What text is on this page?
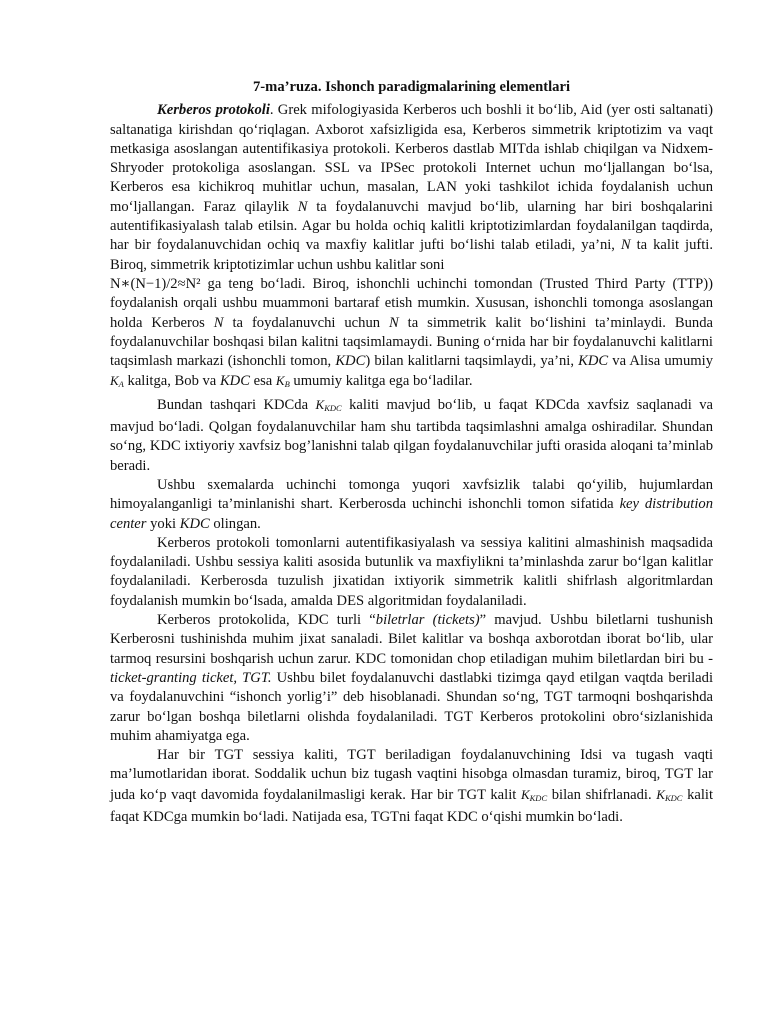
7-ma’ruza. Ishonch paradigmalarining elementlari

Kerberos protokoli. Grek mifologiyasida Kerberos uch boshli it bo‘lib, Aid (yer osti saltanati) saltanatiga kirishdan qo‘riqlagan. Axborot xafsizligida esa, Kerberos simmetrik kriptotizim va vaqt metkasiga asoslangan autentifikasiya protokoli. Kerberos dastlab MITda ishlab chiqilgan va Nidxem-Shryoder protokoliga asoslangan. SSL va IPSec protokoli Internet uchun mo‘ljallangan bo‘lsa, Kerberos esa kichikroq muhitlar uchun, masalan, LAN yoki tashkilot ichida foydalanish uchun mo‘ljallangan. Faraz qilaylik N ta foydalanuvchi mavjud bo‘lib, ularning har biri boshqalarini autentifikasiyalash talab etilsin. Agar bu holda ochiq kalitli kriptotizimlardan foydalanilgan taqdirda, har bir foydalanuvchidan ochiq va maxfiy kalitlar jufti bo‘lishi talab etiladi, ya’ni, N ta kalit jufti. Biroq, simmetrik kriptotizimlar uchun ushbu kalitlar soni
N∗(N−1)/2≈N² ga teng bo‘ladi. Biroq, ishonchli uchinchi tomondan (Trusted Third Party (TTP)) foydalanish orqali ushbu muammoni bartaraf etish mumkin. Xususan, ishonchli tomonga asoslangan holda Kerberos N ta foydalanuvchi uchun N ta simmetrik kalit bo‘lishini ta’minlaydi. Bunda foydalanuvchilar boshqasi bilan kalitni taqsimlamaydi. Buning o‘rnida har bir foydalanuvchi kalitlarni taqsimlash markazi (ishonchli tomon, KDC) bilan kalitlarni taqsimlaydi, ya’ni, KDC va Alisa umumiy $K_A$ kalitga, Bob va KDC esa $K_B$ umumiy kalitga ega bo‘ladilar.

Bundan tashqari KDCda $K_{KDC}$ kaliti mavjud bo‘lib, u faqat KDCda xavfsiz saqlanadi va mavjud bo‘ladi. Qolgan foydalanuvchilar ham shu tartibda taqsimlashni amalga oshiradilar. Shundan so‘ng, KDC ixtiyoriy xavfsiz bog’lanishni talab qilgan foydalanuvchilar jufti orasida aloqani ta’minlab beradi.

Ushbu sxemalarda uchinchi tomonga yuqori xavfsizlik talabi qo‘yilib, hujumlardan himoyalanganligi ta’minlanishi shart. Kerberosda uchinchi ishonchli tomon sifatida key distribution center yoki KDC olingan.

Kerberos protokoli tomonlarni autentifikasiyalash va sessiya kalitini almashinish maqsadida foydalaniladi. Ushbu sessiya kaliti asosida butunlik va maxfiylikni ta’minlashda zarur bo‘lgan kalitlar foydalaniladi. Kerberosda tuzulish jixatidan ixtiyorik simmetrik kalitli shifrlash algoritmlardan foydalanish mumkin bo‘lsada, amalda DES algoritmidan foydalaniladi.

Kerberos protokolida, KDC turli “biletrlar (tickets)” mavjud. Ushbu biletlarni tushunish Kerberosni tushinishda muhim jixat sanaladi. Bilet kalitlar va boshqa axborotdan iborat bo‘lib, ular tarmoq resursini boshqarish uchun zarur. KDC tomonidan chop etiladigan muhim biletlardan biri bu - ticket-granting ticket, TGT. Ushbu bilet foydalanuvchi dastlabki tizimga qayd etilgan vaqtda beriladi va foydalanuvchini “ishonch yorlig’i” deb hisoblanadi. Shundan so‘ng, TGT tarmoqni boshqarishda zarur bo‘lgan boshqa biletlarni olishda foydalaniladi. TGT Kerberos protokolini obro‘sizlanishida muhim ahamiyatga ega.

Har bir TGT sessiya kaliti, TGT beriladigan foydalanuvchining Idsi va tugash vaqti ma’lumotlaridan iborat. Soddalik uchun biz tugash vaqtini hisobga olmasdan turamiz, biroq, TGT lar juda ko‘p vaqt davomida foydalanilmasligi kerak. Har bir TGT kalit $K_{KDC}$ bilan shifrlanadi. $K_{KDC}$ kalit faqat KDCga mumkin bo‘ladi. Natijada esa, TGTni faqat KDC o‘qishi mumkin bo‘ladi.
